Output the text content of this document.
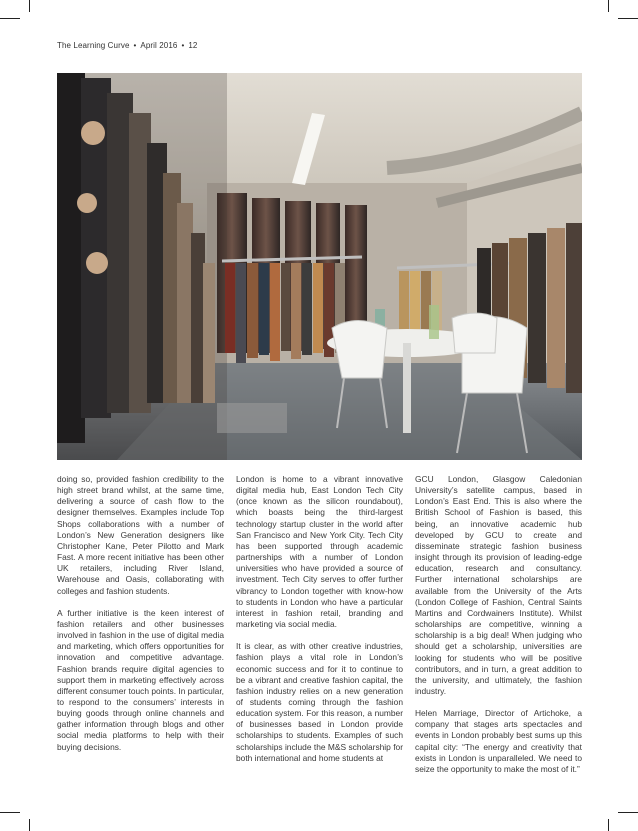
The Learning Curve • April 2016 • 12

doing so, provided fashion credibility to the high street brand whilst, at the same time, delivering a source of cash flow to the designer themselves. Examples include Top Shops collaborations with a number of London’s New Generation designers like Christopher Kane, Peter Pilotto and Mark Fast. A more recent initiative has been other UK retailers, including River Island, Warehouse and Oasis, collaborating with colleges and fashion students.

A further initiative is the keen interest of fashion retailers and other businesses involved in fashion in the use of digital media and marketing, which offers opportunities for innovation and competitive advantage. Fashion brands require digital agencies to support them in marketing effectively across different consumer touch points. In particular, to respond to the consumers’ interests in buying goods through online channels and gather information through blogs and other social media platforms to help with their buying decisions.

London is home to a vibrant innovative digital media hub, East London Tech City (once known as the silicon roundabout), which boasts being the third-largest technology startup cluster in the world after San Francisco and New York City. Tech City has been supported through academic partnerships with a number of London universities who have provided a source of investment. Tech City serves to offer further vibrancy to London together with know-how to students in London who have a particular interest in fashion retail, branding and marketing via social media.

It is clear, as with other creative industries, fashion plays a vital role in London’s economic success and for it to continue to be a vibrant and creative fashion capital, the fashion industry relies on a new generation of students coming through the fashion education system. For this reason, a number of businesses based in London provide scholarships to students. Examples of such scholarships include the M&S scholarship for both international and home students at

GCU London, Glasgow Caledonian University’s satellite campus, based in London’s East End. This is also where the British School of Fashion is based, this being, an innovative academic hub developed by GCU to create and disseminate strategic fashion business insight through its provision of leading-edge education, research and consultancy. Further international scholarships are available from the University of the Arts (London College of Fashion, Central Saints Martins and Cordwainers Institute). Whilst scholarships are competitive, winning a scholarship is a big deal! When judging who should get a scholarship, universities are looking for students who will be positive contributors, and in turn, a great addition to the university, and ultimately, the fashion industry.

Helen Marriage, Director of Artichoke, a company that stages arts spectacles and events in London probably best sums up this capital city: “The energy and creativity that exists in London is unparalleled. We need to seize the opportunity to make the most of it.”
